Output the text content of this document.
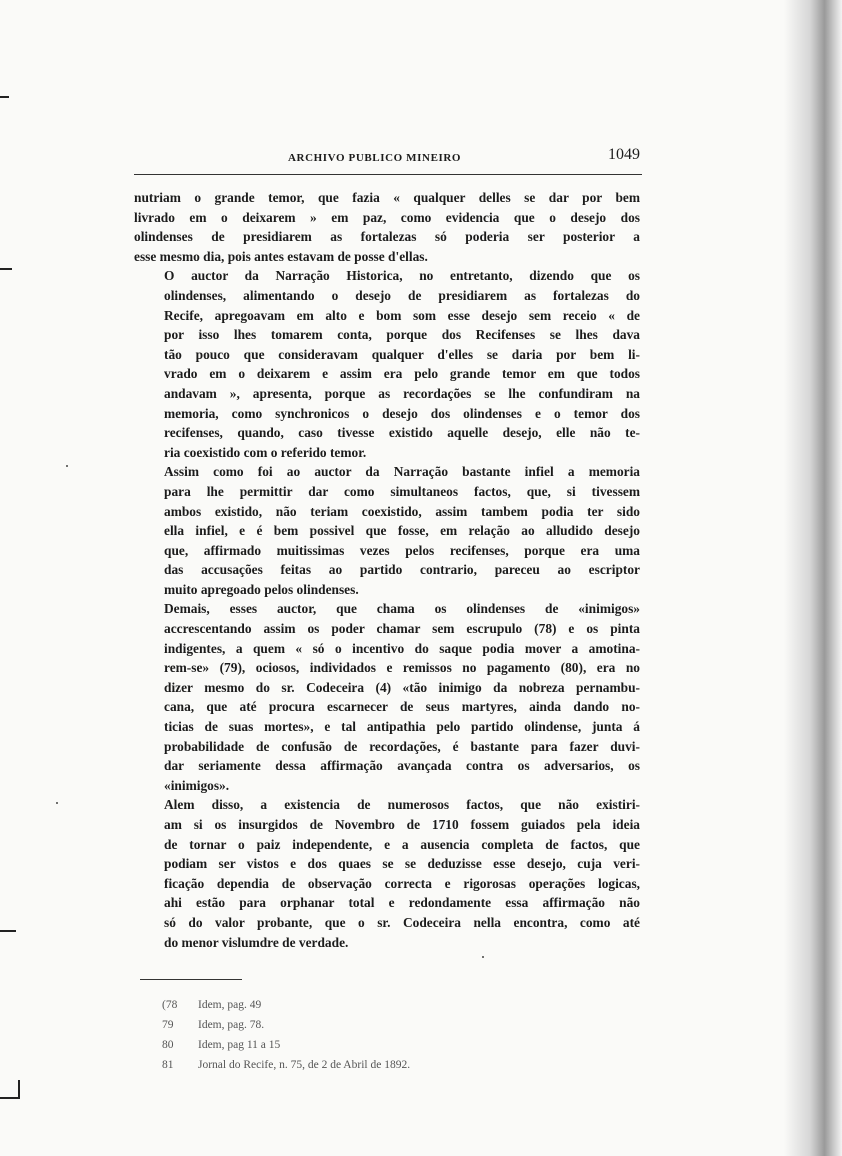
ARCHIVO PUBLICO MINEIRO	1049

nutriam o grande temor, que fazia « qualquer delles se dar por bem
livrado em o deixarem » em paz, como evidencia que o desejo dos
olindenses de presidiarem as fortalezas só poderia ser posterior a
esse mesmo dia, pois antes estavam de posse d'ellas.

O auctor da Narração Historica, no entretanto, dizendo que os
olindenses, alimentando o desejo de presidiarem as fortalezas do
Recife, apregoavam em alto e bom som esse desejo sem receio « de
por isso lhes tomarem conta, porque dos Recifenses se lhes dava
tão pouco que consideravam qualquer d'elles se daria por bem li-
vrado em o deixarem e assim era pelo grande temor em que todos
andavam », apresenta, porque as recordações se lhe confundiram na
memoria, como synchronicos o desejo dos olindenses e o temor dos
recifenses, quando, caso tivesse existido aquelle desejo, elle não te-
ria coexistido com o referido temor.

Assim como foi ao auctor da Narração bastante infiel a memoria
para lhe permittir dar como simultaneos factos, que, si tivessem
ambos existido, não teriam coexistido, assim tambem podia ter sido
ella infiel, e é bem possivel que fosse, em relação ao alludido desejo
que, affirmado muitissimas vezes pelos recifenses, porque era uma
das accusações feitas ao partido contrario, pareceu ao escriptor
muito apregoado pelos olindenses.

Demais, esses auctor, que chama os olindenses de «inimigos»
accrescentando assim os poder chamar sem escrupulo (78) e os pinta
indigentes, a quem « só o incentivo do saque podia mover a amotina-
rem-se» (79), ociosos, individados e remissos no pagamento (80), era no
dizer mesmo do sr. Codeceira (4) «tão inimigo da nobreza pernambu-
cana, que até procura escarnecer de seus martyres, ainda dando no-
ticias de suas mortes», e tal antipathia pelo partido olindense, junta á
probabilidade de confusão de recordações, é bastante para fazer duvi-
dar seriamente dessa affirmação avançada contra os adversarios, os
«inimigos».

Alem disso, a existencia de numerosos factos, que não existiri-
am si os insurgidos de Novembro de 1710 fossem guiados pela ideia
de tornar o paiz independente, e a ausencia completa de factos, que
podiam ser vistos e dos quaes se se deduzisse esse desejo, cuja veri-
ficação dependia de observação correcta e rigorosas operações logicas,
ahi estão para orphanar total e redondamente essa affirmação não
só do valor probante, que o sr. Codeceira nella encontra, como até
do menor vislumdre de verdade.

(78 Idem, pag. 49
79 Idem, pag. 78.
80 Idem, pag 11 a 15
81 Jornal do Recife, n. 75, de 2 de Abril de 1892.
